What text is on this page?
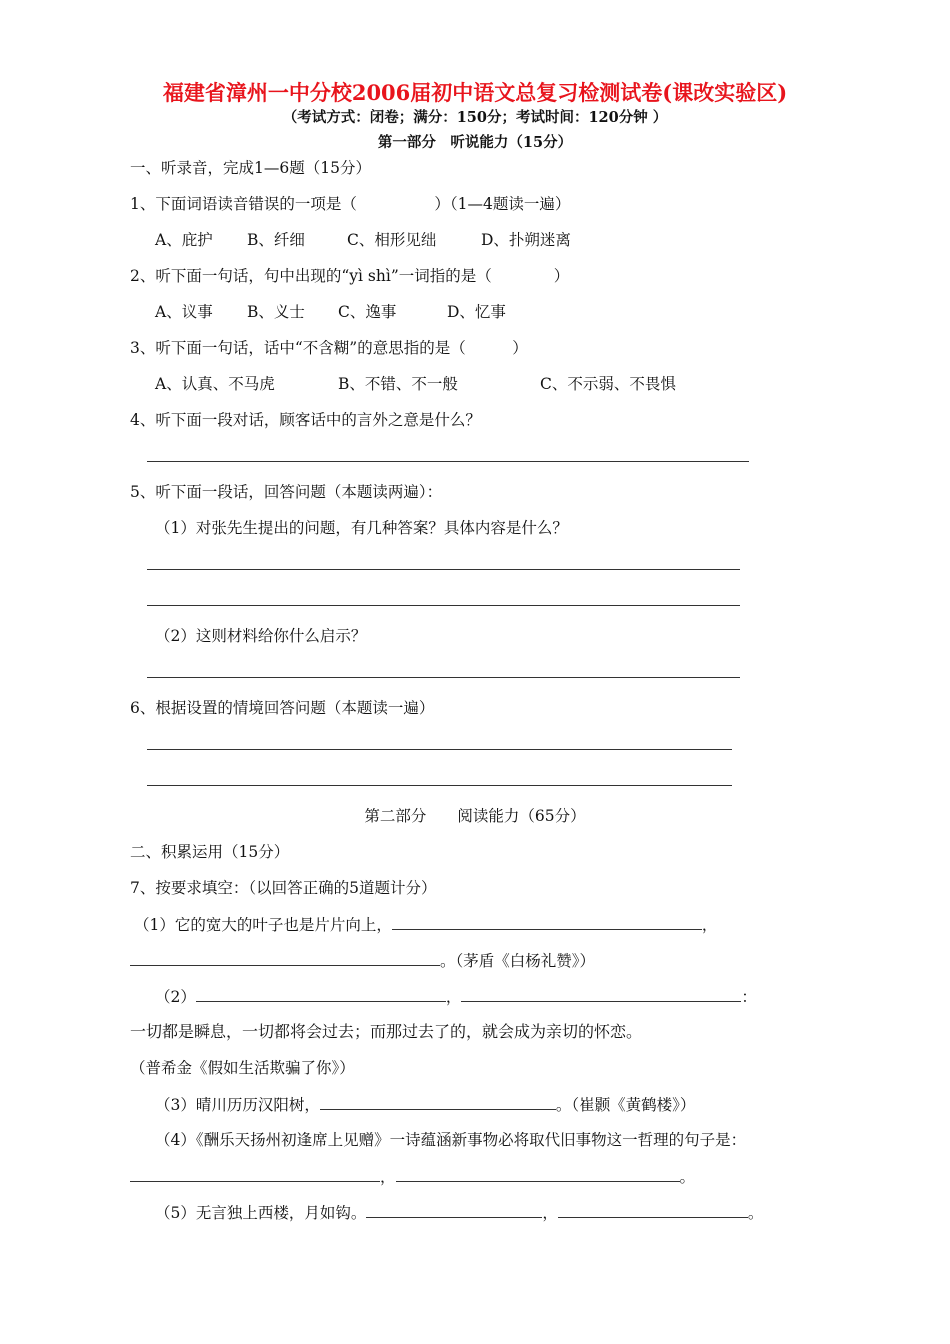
福建省漳州一中分校2006届初中语文总复习检测试卷(课改实验区)
（考试方式：闭卷；满分：150分；考试时间：120分钟 ）
第一部分　听说能力（15分）
一、听录音，完成1—6题（15分）
1、下面词语读音错误的一项是（　　　　　）（1—4题读一遍）
A、庇护 B、纤细	C、相形见绌	D、扑朔迷离
2、听下面一句话，句中出现的“yì shì”一词指的是（　　　　）
A、议事 B、义士 C、逸事	D、忆事
3、听下面一句话，话中“不含糊”的意思指的是（　　　）
A、认真、不马虎	B、不错、不一般	C、不示弱、不畏惧
4、听下面一段对话，顾客话中的言外之意是什么？
5、听下面一段话，回答问题（本题读两遍）：
（1）对张先生提出的问题，有几种答案？具体内容是什么？
（2）这则材料给你什么启示？
6、根据设置的情境回答问题（本题读一遍）
第二部分　　阅读能力（65分）
二、积累运用（15分）
7、按要求填空：（以回答正确的5道题计分）
（1）它的宽大的叶子也是片片向上，	，
。（茅盾《白杨礼赞》）
（2）	，	：
一切都是瞬息，一切都将会过去；而那过去了的，就会成为亲切的怀恋。
（普希金《假如生活欺骗了你》）
（3）晴川历历汉阳树，	。（崔颢《黄鹤楼》）
（4）《酬乐天扬州初逢席上见赠》一诗蕴涵新事物必将取代旧事物这一哲理的句子是：
，	。
（5）无言独上西楼，月如钩。	，	。
